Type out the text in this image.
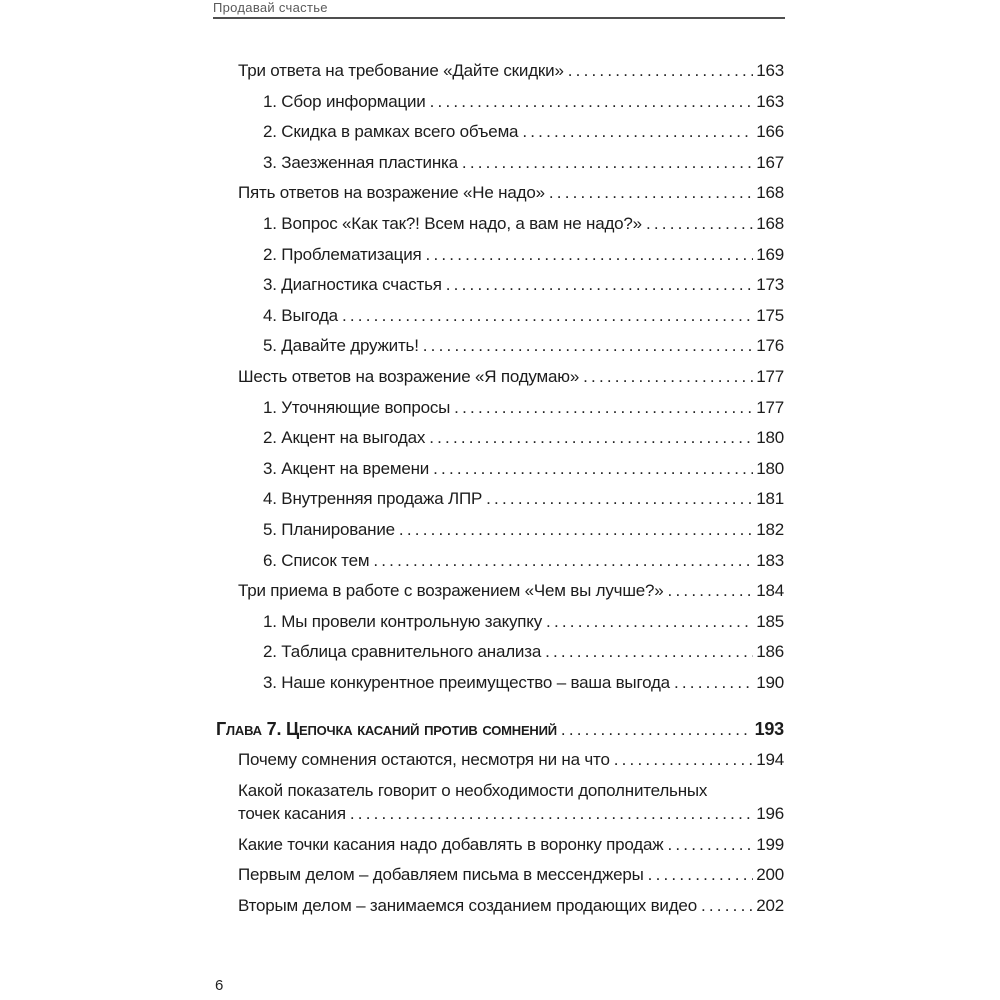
Продавай счастье
Три ответа на требование «Дайте скидки» .....	163
1. Сбор информации .....	163
2. Скидка в рамках всего объема .....	166
3. Заезженная пластинка .....	167
Пять ответов на возражение «Не надо» .....	168
1. Вопрос «Как так?! Всем надо, а вам не надо?» .....	168
2. Проблематизация .....	169
3. Диагностика счастья .....	173
4. Выгода .....	175
5. Давайте дружить! .....	176
Шесть ответов на возражение «Я подумаю» .....	177
1. Уточняющие вопросы .....	177
2. Акцент на выгодах .....	180
3. Акцент на времени .....	180
4. Внутренняя продажа ЛПР .....	181
5. Планирование .....	182
6. Список тем .....	183
Три приема в работе с возражением «Чем вы лучше?» .....	184
1. Мы провели контрольную закупку .....	185
2. Таблица сравнительного анализа .....	186
3. Наше конкурентное преимущество – ваша выгода .....	190
Глава 7. Цепочка касаний против сомнений .....	193
Почему сомнения остаются, несмотря ни на что .....	194
Какой показатель говорит о необходимости дополнительных
точек касания .....	196
Какие точки касания надо добавлять в воронку продаж .....	199
Первым делом – добавляем письма в мессенджеры .....	200
Вторым делом – занимаемся созданием продающих видео .....	202
6
